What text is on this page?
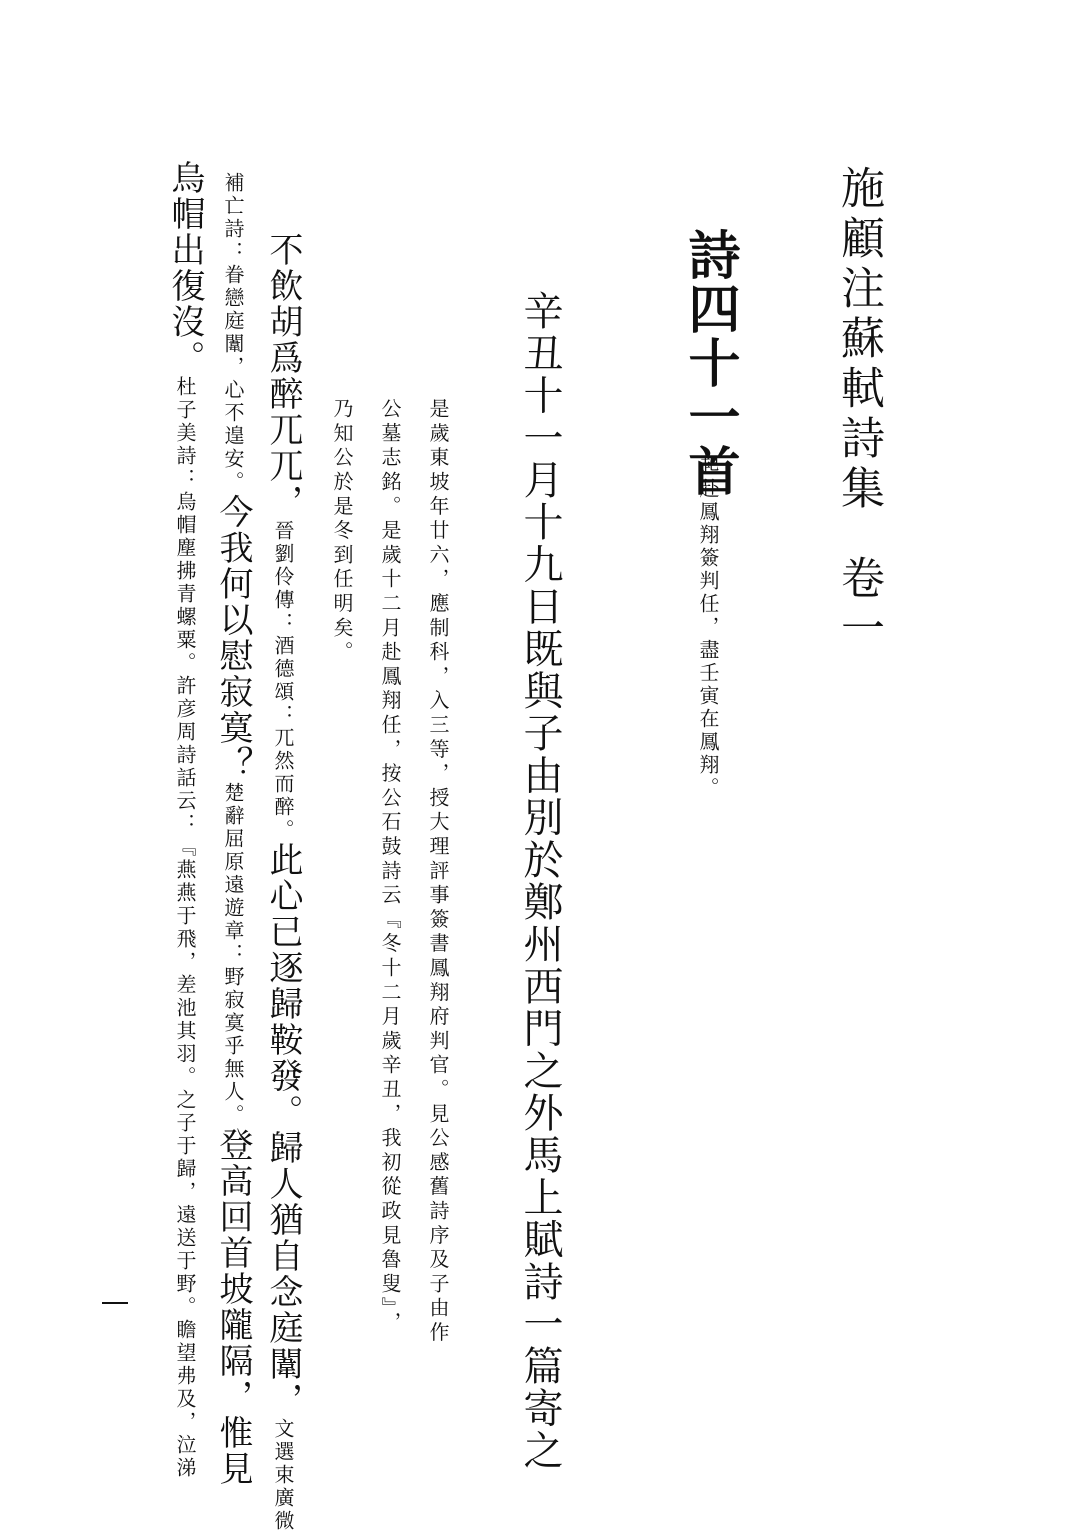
施顧注蘇軾詩集卷一
詩四十一首
起赴鳳翔簽判任，盡壬寅在鳳翔。
辛丑十一月十九日既與子由別於鄭州西門之外馬上賦詩一篇寄之
是歲東坡年廿六，應制科，入三等，授大理評事簽書鳳翔府判官。見公感舊詩序及子由作公墓志銘。是歲十二月赴鳳翔任，按公石鼓詩云『冬十二月歲辛丑，我初從政見魯叟』，乃知公於是冬到任明矣。
不飲胡爲醉兀兀，晉劉伶傳：酒德頌：兀然而醉。此心已逐歸鞍發。歸人猶自念庭闈，文選束廣微
補亡詩：眷戀庭闈，心不遑安。今我何以慰寂寞？楚辭屈原遠遊章：野寂寞乎無人。登高回首坡隴隔，惟見
烏帽出復沒。杜子美詩：烏帽塵拂青螺粟。許彦周詩話云：『燕燕于飛，差池其羽。之子于歸，遠送于野。瞻望弗及，泣涕
